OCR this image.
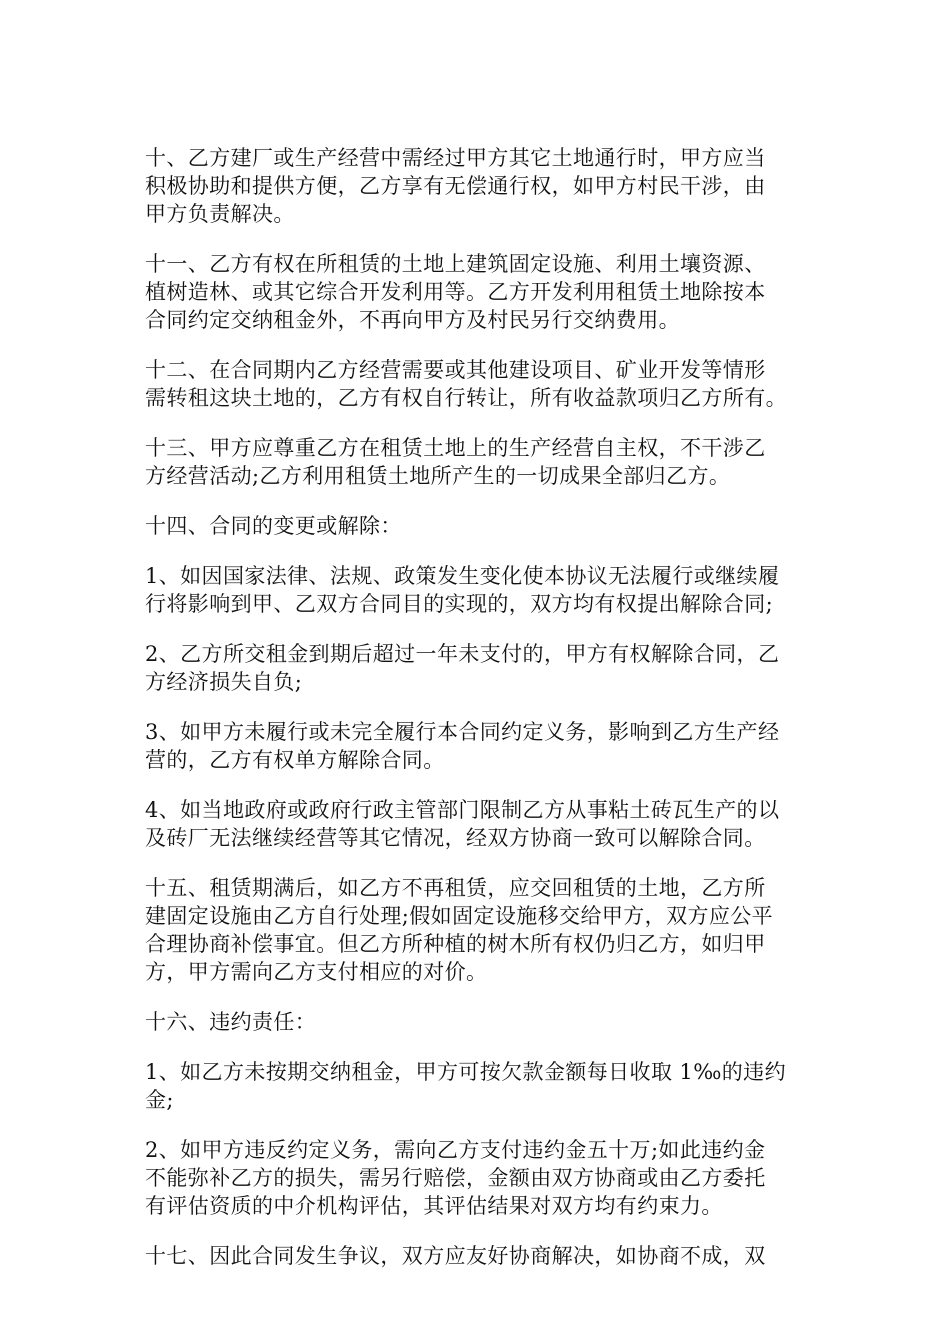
十、乙方建厂或生产经营中需经过甲方其它土地通行时，甲方应当
积极协助和提供方便，乙方享有无偿通行权，如甲方村民干涉，由
甲方负责解决。

十一、乙方有权在所租赁的土地上建筑固定设施、利用土壤资源、
植树造林、或其它综合开发利用等。乙方开发利用租赁土地除按本
合同约定交纳租金外，不再向甲方及村民另行交纳费用。

十二、在合同期内乙方经营需要或其他建设项目、矿业开发等情形
需转租这块土地的，乙方有权自行转让，所有收益款项归乙方所有。

十三、甲方应尊重乙方在租赁土地上的生产经营自主权，不干涉乙
方经营活动;乙方利用租赁土地所产生的一切成果全部归乙方。

十四、合同的变更或解除：

1、如因国家法律、法规、政策发生变化使本协议无法履行或继续履
行将影响到甲、乙双方合同目的实现的，双方均有权提出解除合同;

2、乙方所交租金到期后超过一年未支付的，甲方有权解除合同，乙
方经济损失自负;

3、如甲方未履行或未完全履行本合同约定义务，影响到乙方生产经
营的，乙方有权单方解除合同。

4、如当地政府或政府行政主管部门限制乙方从事粘土砖瓦生产的以
及砖厂无法继续经营等其它情况，经双方协商一致可以解除合同。

十五、租赁期满后，如乙方不再租赁，应交回租赁的土地，乙方所
建固定设施由乙方自行处理;假如固定设施移交给甲方，双方应公平
合理协商补偿事宜。但乙方所种植的树木所有权仍归乙方，如归甲
方，甲方需向乙方支付相应的对价。

十六、违约责任：

1、如乙方未按期交纳租金，甲方可按欠款金额每日收取 1‰的违约
金;

2、如甲方违反约定义务，需向乙方支付违约金五十万;如此违约金
不能弥补乙方的损失，需另行赔偿，金额由双方协商或由乙方委托
有评估资质的中介机构评估，其评估结果对双方均有约束力。

十七、因此合同发生争议，双方应友好协商解决，如协商不成，双
